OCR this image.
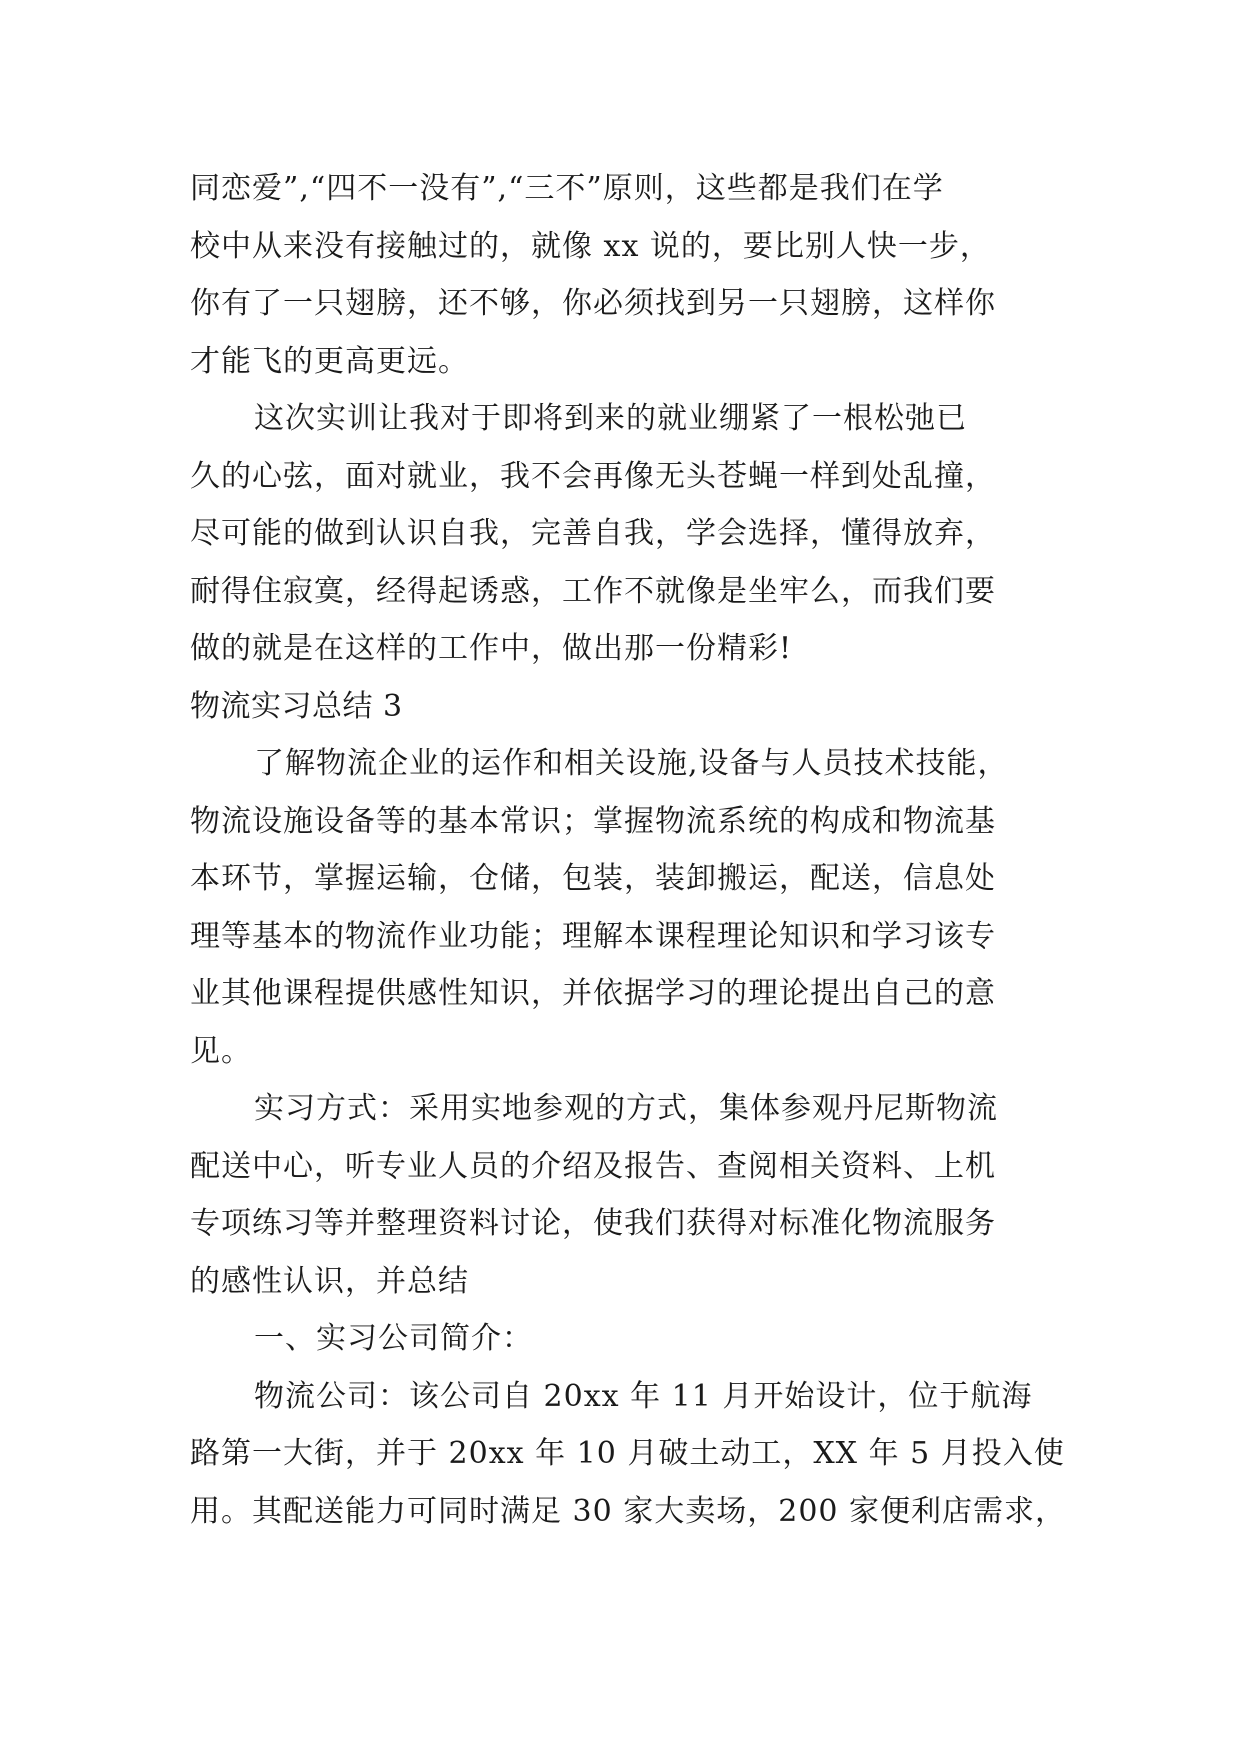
同恋爱”,“四不一没有”,“三不”原则，这些都是我们在学
校中从来没有接触过的，就像 xx 说的，要比别人快一步，
你有了一只翅膀，还不够，你必须找到另一只翅膀，这样你
才能飞的更高更远。
这次实训让我对于即将到来的就业绷紧了一根松弛已
久的心弦，面对就业，我不会再像无头苍蝇一样到处乱撞，
尽可能的做到认识自我，完善自我，学会选择，懂得放弃，
耐得住寂寞，经得起诱惑，工作不就像是坐牢么，而我们要
做的就是在这样的工作中，做出那一份精彩!
物流实习总结 3
了解物流企业的运作和相关设施,设备与人员技术技能，
物流设施设备等的基本常识；掌握物流系统的构成和物流基
本环节，掌握运输，仓储，包装，装卸搬运，配送，信息处
理等基本的物流作业功能；理解本课程理论知识和学习该专
业其他课程提供感性知识，并依据学习的理论提出自己的意
见。
实习方式：采用实地参观的方式，集体参观丹尼斯物流
配送中心，听专业人员的介绍及报告、查阅相关资料、上机
专项练习等并整理资料讨论，使我们获得对标准化物流服务
的感性认识，并总结
一、实习公司简介：
物流公司：该公司自 20xx 年 11 月开始设计，位于航海
路第一大街，并于 20xx 年 10 月破土动工，XX 年 5 月投入使
用。其配送能力可同时满足 30 家大卖场，200 家便利店需求，
